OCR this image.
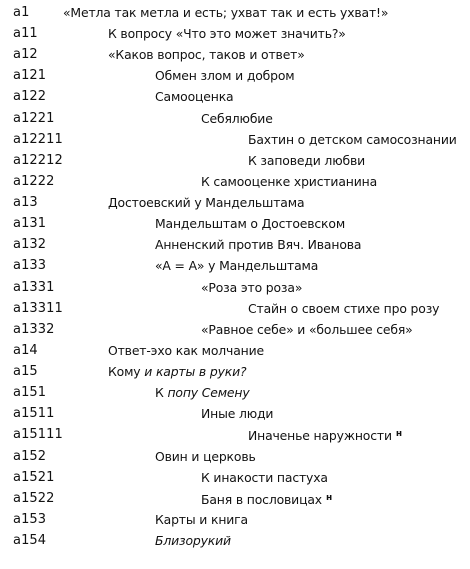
a1	«Метла так метла и есть; ухват так и есть ухват!»
a11	К вопросу «Что это может значить?»
a12	«Каков вопрос, таков и ответ»
a121	Обмен злом и добром
a122	Самооценка
a1221	Себялюбие
a12211	Бахтин о детском самосознании
a12212	К заповеди любви
a1222	К самооценке христианина
a13	Достоевский у Мандельштама
a131	Мандельштам о Достоевском
a132	Анненский против Вяч. Иванова
a133	«А = А» у Мандельштама
a1331	«Роза это роза»
a13311	Стайн о своем стихе про розу
a1332	«Равное себе» и «большее себя»
a14	Ответ-эхо как молчание
a15	Кому и карты в руки?
a151	К попу Семену
a1511	Иные люди
a15111	Иначенье наружности $^н$
a152	Овин и церковь
a1521	К инакости пастуха
a1522	Баня в пословицах $^н$
a153	Карты и книга
a154	Близорукий
